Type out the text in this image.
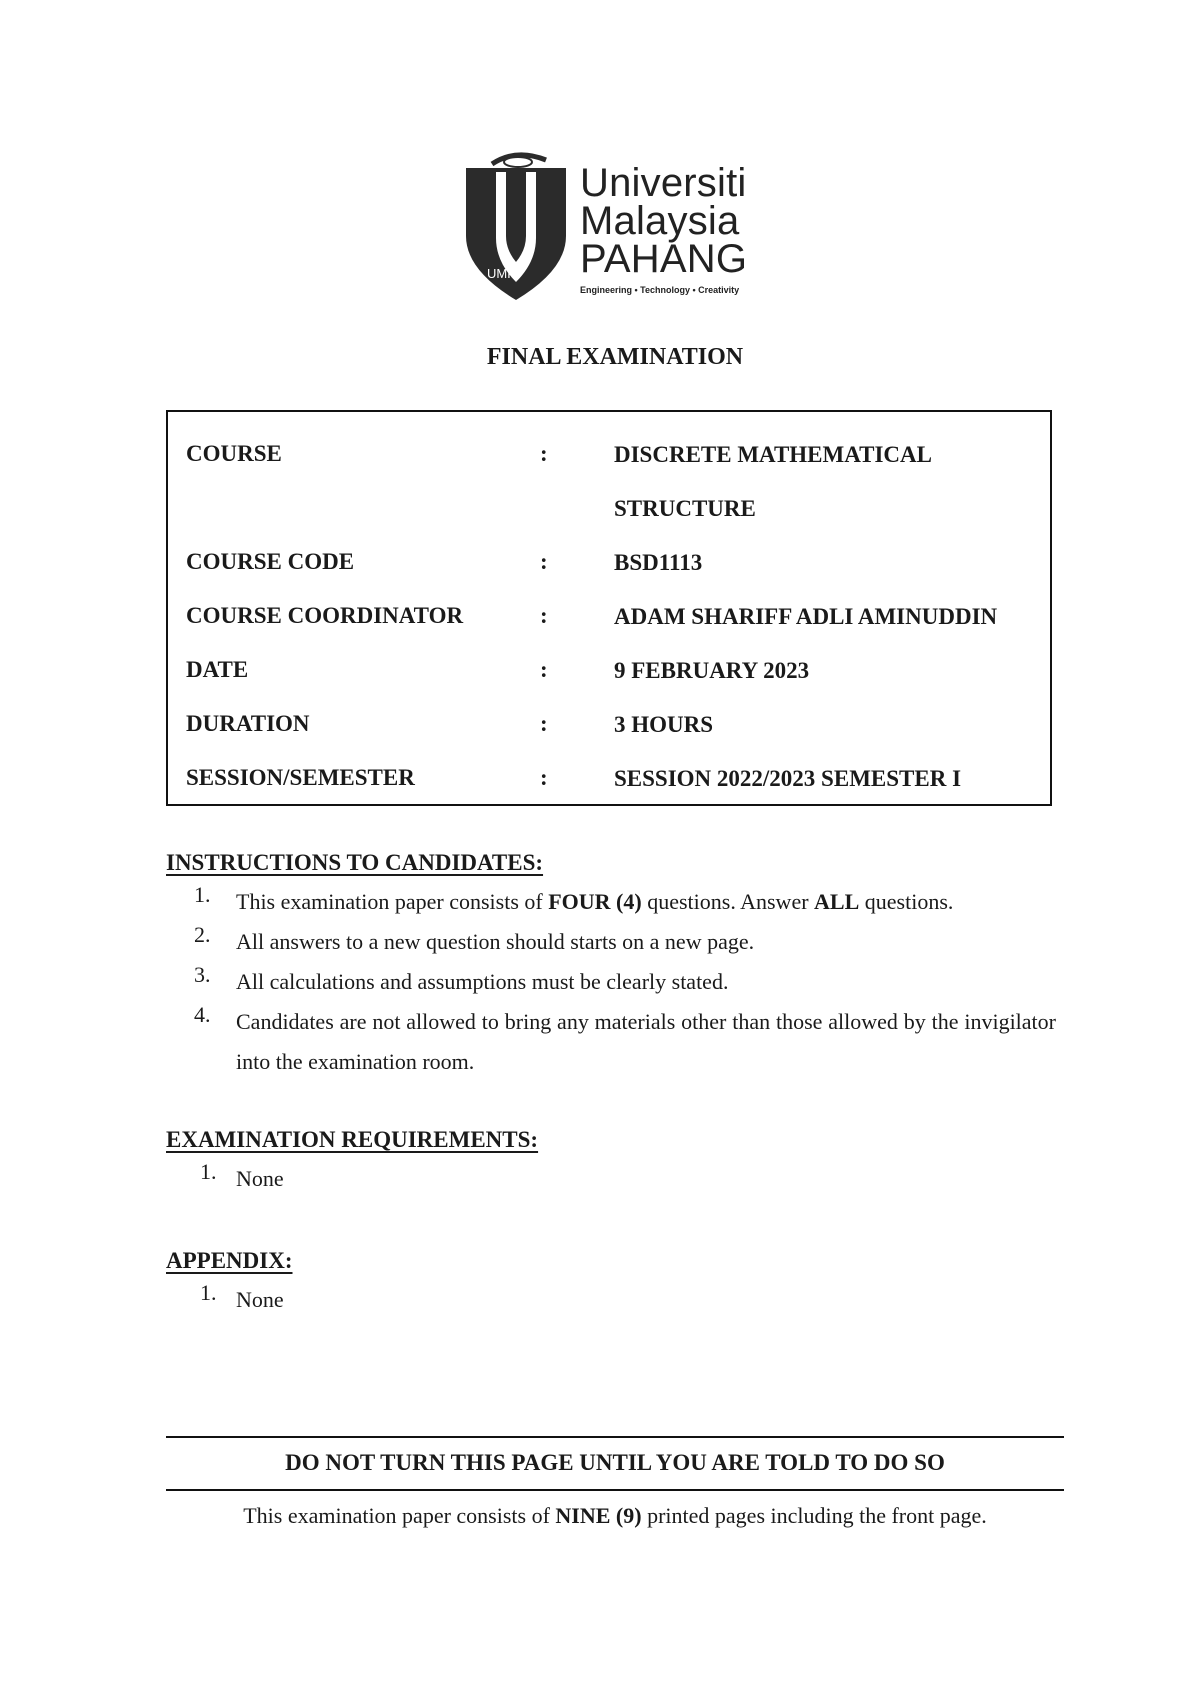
UMP
Universiti
Malaysia
PAHANG
Engineering • Technology • Creativity
FINAL EXAMINATION
COURSE	:	DISCRETE MATHEMATICAL STRUCTURE
COURSE CODE	:	BSD1113
COURSE COORDINATOR	:	ADAM SHARIFF ADLI AMINUDDIN
DATE	:	9 FEBRUARY 2023
DURATION	:	3 HOURS
SESSION/SEMESTER	:	SESSION 2022/2023 SEMESTER I
INSTRUCTIONS TO CANDIDATES:
1. This examination paper consists of FOUR (4) questions. Answer ALL questions.
2. All answers to a new question should starts on a new page.
3. All calculations and assumptions must be clearly stated.
4. Candidates are not allowed to bring any materials other than those allowed by the invigilator into the examination room.
EXAMINATION REQUIREMENTS:
1. None
APPENDIX:
1. None
DO NOT TURN THIS PAGE UNTIL YOU ARE TOLD TO DO SO
This examination paper consists of NINE (9) printed pages including the front page.
